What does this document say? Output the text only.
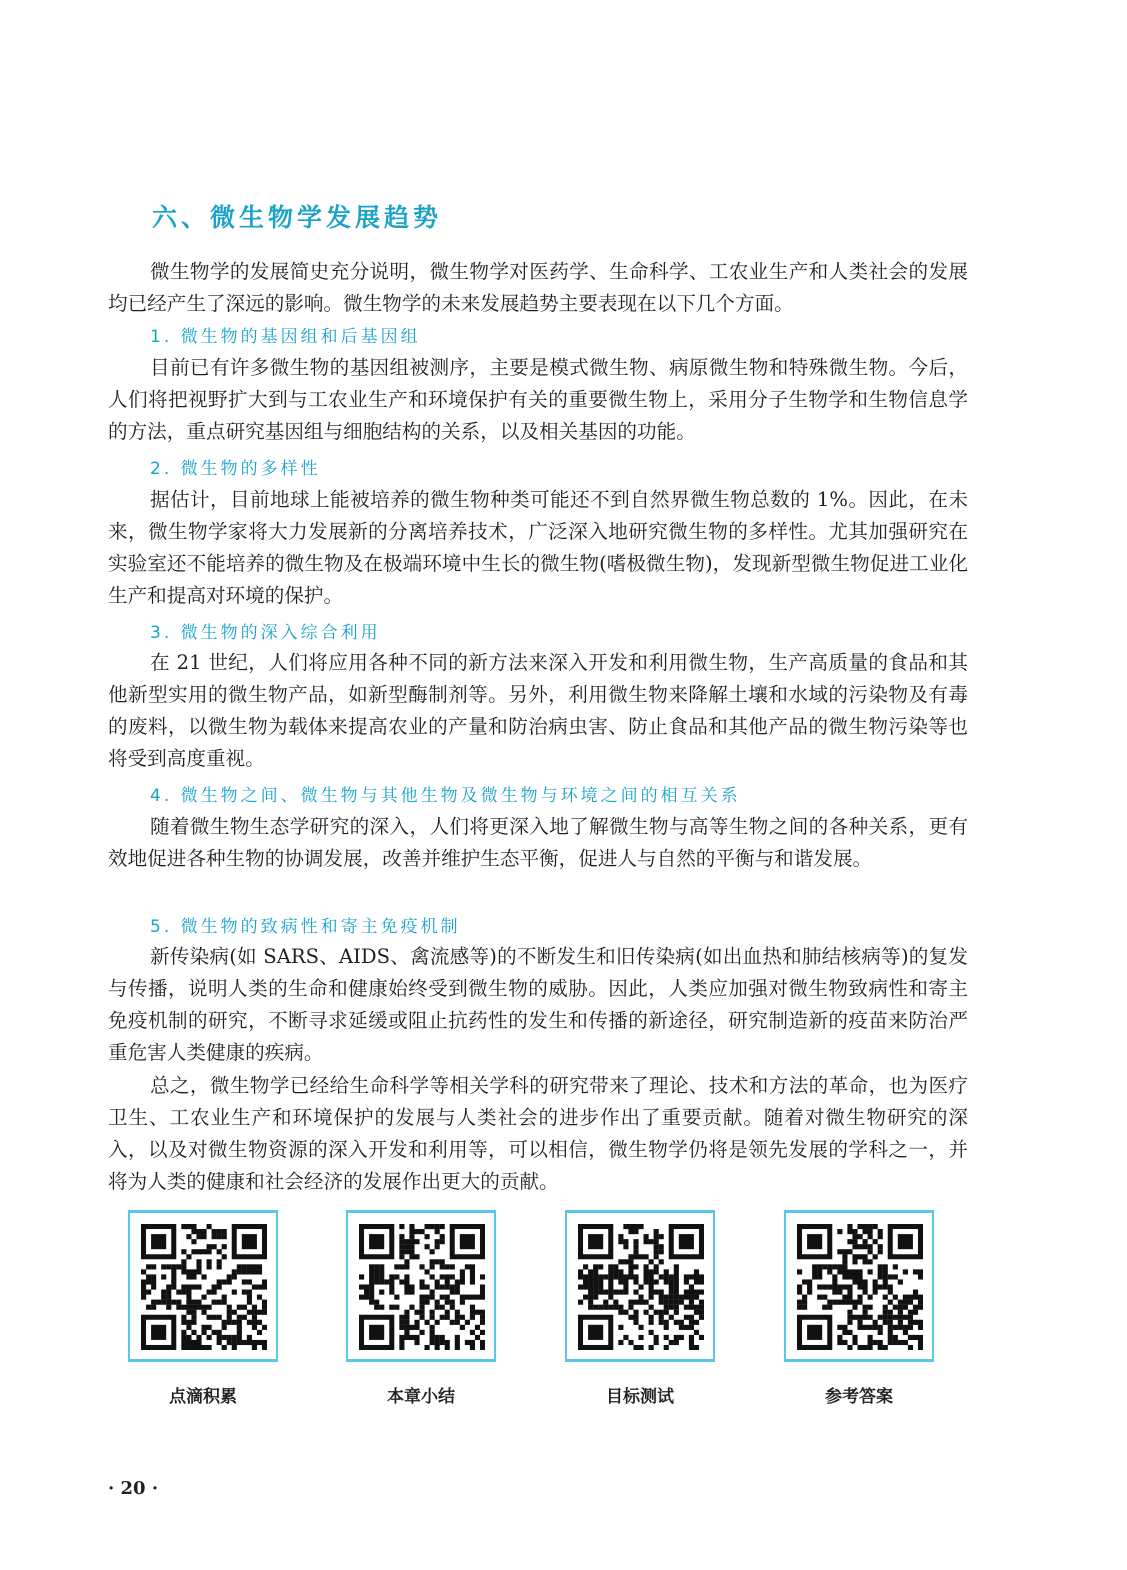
六、微生物学发展趋势
微生物学的发展简史充分说明，微生物学对医药学、生命科学、工农业生产和人类社会的发展均已经产生了深远的影响。微生物学的未来发展趋势主要表现在以下几个方面。
1. 微生物的基因组和后基因组
目前已有许多微生物的基因组被测序，主要是模式微生物、病原微生物和特殊微生物。今后，人们将把视野扩大到与工农业生产和环境保护有关的重要微生物上，采用分子生物学和生物信息学的方法，重点研究基因组与细胞结构的关系，以及相关基因的功能。
2. 微生物的多样性
据估计，目前地球上能被培养的微生物种类可能还不到自然界微生物总数的 1%。因此，在未来，微生物学家将大力发展新的分离培养技术，广泛深入地研究微生物的多样性。尤其加强研究在实验室还不能培养的微生物及在极端环境中生长的微生物(嗜极微生物)，发现新型微生物促进工业化生产和提高对环境的保护。
3. 微生物的深入综合利用
在 21 世纪，人们将应用各种不同的新方法来深入开发和利用微生物，生产高质量的食品和其他新型实用的微生物产品，如新型酶制剂等。另外，利用微生物来降解土壤和水域的污染物及有毒的废料，以微生物为载体来提高农业的产量和防治病虫害、防止食品和其他产品的微生物污染等也将受到高度重视。
4. 微生物之间、微生物与其他生物及微生物与环境之间的相互关系
随着微生物生态学研究的深入，人们将更深入地了解微生物与高等生物之间的各种关系，更有效地促进各种生物的协调发展，改善并维护生态平衡，促进人与自然的平衡与和谐发展。
5. 微生物的致病性和寄主免疫机制
新传染病(如 SARS、AIDS、禽流感等)的不断发生和旧传染病(如出血热和肺结核病等)的复发与传播，说明人类的生命和健康始终受到微生物的威胁。因此，人类应加强对微生物致病性和寄主免疫机制的研究，不断寻求延缓或阻止抗药性的发生和传播的新途径，研究制造新的疫苗来防治严重危害人类健康的疾病。
总之，微生物学已经给生命科学等相关学科的研究带来了理论、技术和方法的革命，也为医疗卫生、工农业生产和环境保护的发展与人类社会的进步作出了重要贡献。随着对微生物研究的深入，以及对微生物资源的深入开发和利用等，可以相信，微生物学仍将是领先发展的学科之一，并将为人类的健康和社会经济的发展作出更大的贡献。
点滴积累	本章小结	目标测试	参考答案
· 20 ·
